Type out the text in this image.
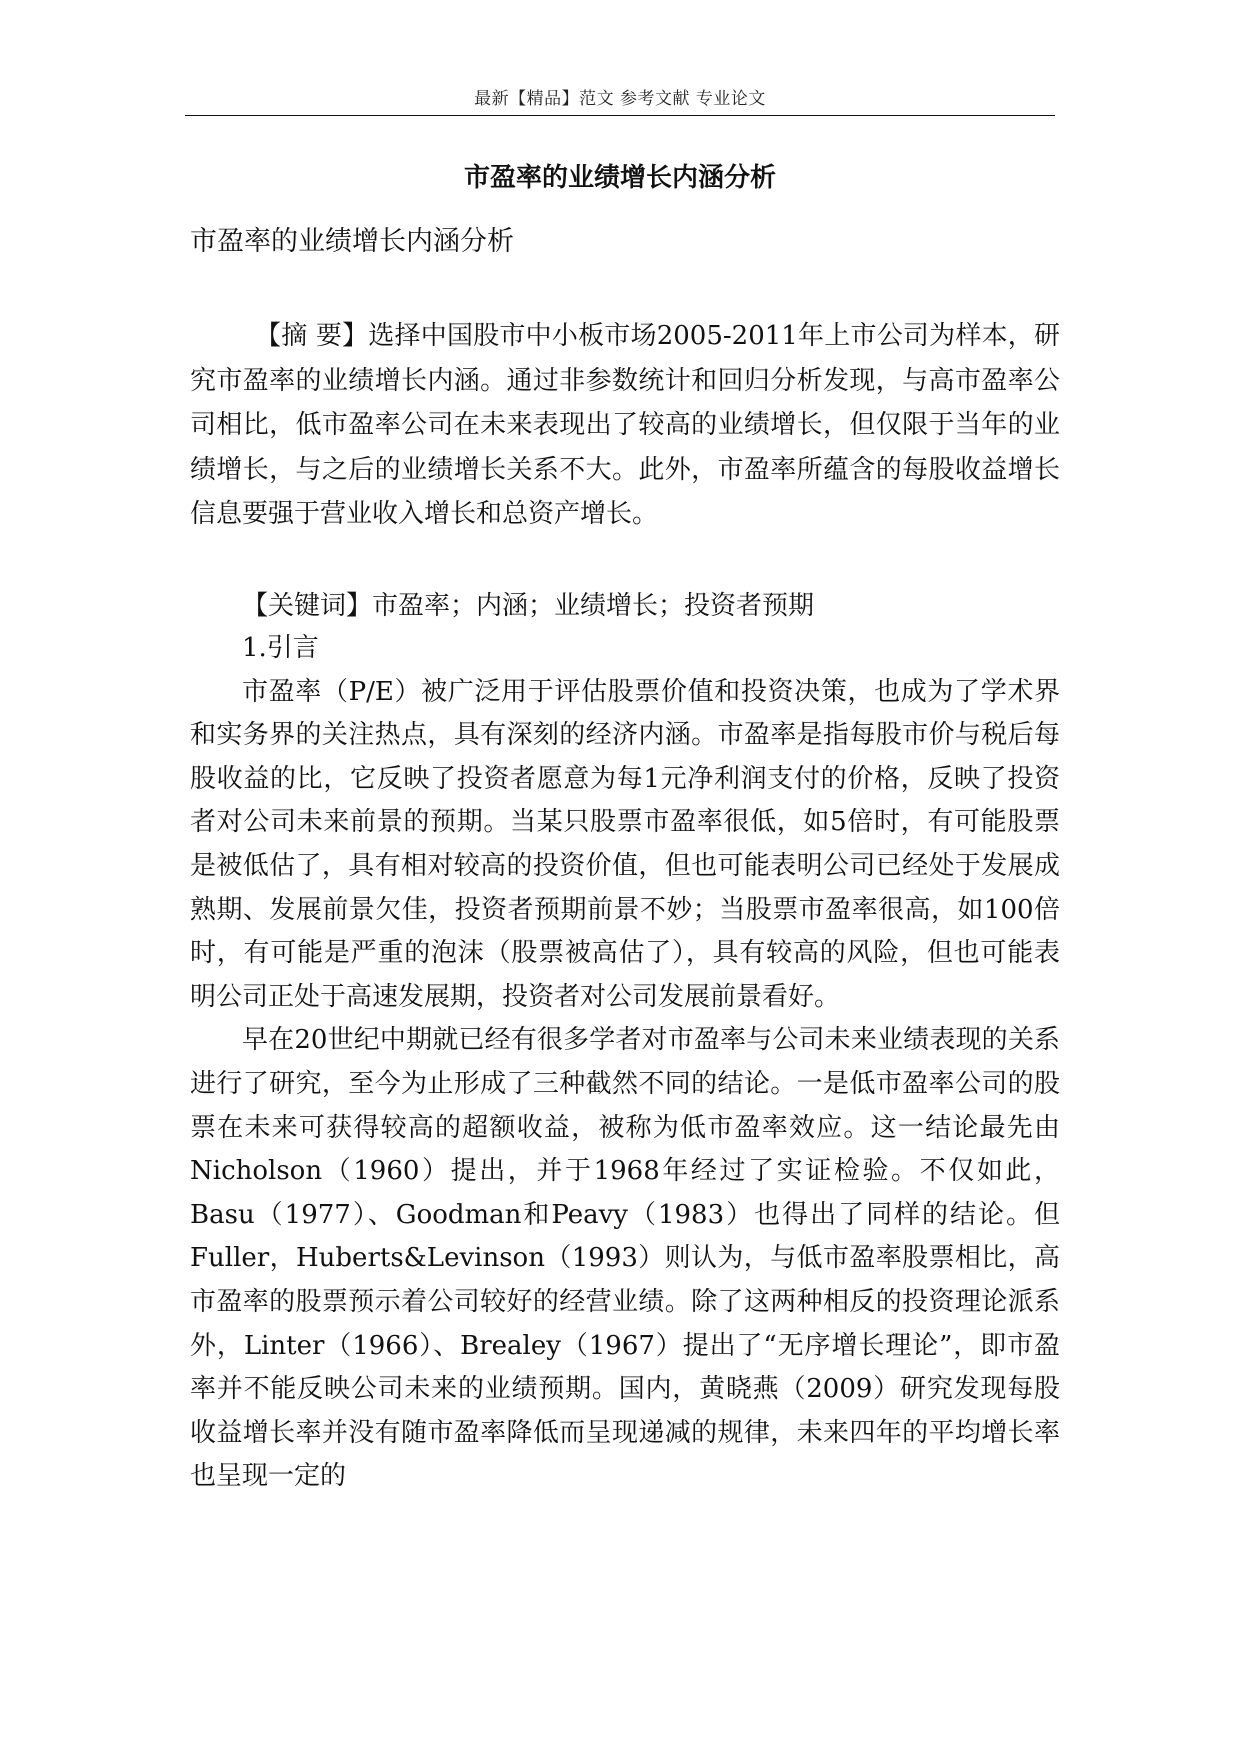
最新【精品】范文 参考文献 专业论文
市盈率的业绩增长内涵分析
市盈率的业绩增长内涵分析

【摘 要】选择中国股市中小板市场2005-2011年上市公司为样本，研究市盈率的业绩增长内涵。通过非参数统计和回归分析发现，与高市盈率公司相比，低市盈率公司在未来表现出了较高的业绩增长，但仅限于当年的业绩增长，与之后的业绩增长关系不大。此外，市盈率所蕴含的每股收益增长信息要强于营业收入增长和总资产增长。

【关键词】市盈率；内涵；业绩增长；投资者预期

1.引言

市盈率（P/E）被广泛用于评估股票价值和投资决策，也成为了学术界和实务界的关注热点，具有深刻的经济内涵。市盈率是指每股市价与税后每股收益的比，它反映了投资者愿意为每1元净利润支付的价格，反映了投资者对公司未来前景的预期。当某只股票市盈率很低，如5倍时，有可能股票是被低估了，具有相对较高的投资价值，但也可能表明公司已经处于发展成熟期、发展前景欠佳，投资者预期前景不妙；当股票市盈率很高，如100倍时，有可能是严重的泡沫（股票被高估了），具有较高的风险，但也可能表明公司正处于高速发展期，投资者对公司发展前景看好。

早在20世纪中期就已经有很多学者对市盈率与公司未来业绩表现的关系进行了研究，至今为止形成了三种截然不同的结论。一是低市盈率公司的股票在未来可获得较高的超额收益，被称为低市盈率效应。这一结论最先由Nicholson（1960）提出，并于1968年经过了实证检验。不仅如此，Basu（1977）、Goodman和Peavy（1983）也得出了同样的结论。但Fuller，Huberts&Levinson（1993）则认为，与低市盈率股票相比，高市盈率的股票预示着公司较好的经营业绩。除了这两种相反的投资理论派系外，Linter（1966）、Brealey（1967）提出了“无序增长理论”，即市盈率并不能反映公司未来的业绩预期。国内，黄晓燕（2009）研究发现每股收益增长率并没有随市盈率降低而呈现递减的规律，未来四年的平均增长率也呈现一定的
